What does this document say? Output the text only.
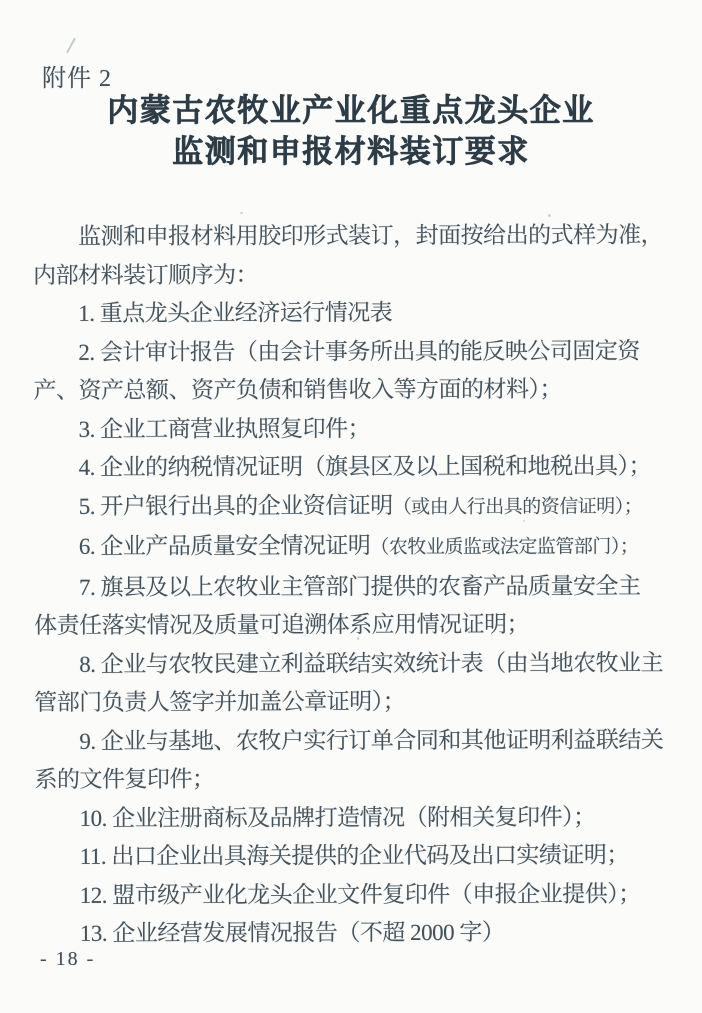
附件 2
内蒙古农牧业产业化重点龙头企业
监测和申报材料装订要求
监测和申报材料用胶印形式装订，封面按给出的式样为准，
内部材料装订顺序为：
1. 重点龙头企业经济运行情况表
2. 会计审计报告（由会计事务所出具的能反映公司固定资
产、资产总额、资产负债和销售收入等方面的材料）；
3. 企业工商营业执照复印件；
4. 企业的纳税情况证明（旗县区及以上国税和地税出具）；
5. 开户银行出具的企业资信证明（或由人行出具的资信证明）；
6. 企业产品质量安全情况证明（农牧业质监或法定监管部门）；
7. 旗县及以上农牧业主管部门提供的农畜产品质量安全主
体责任落实情况及质量可追溯体系应用情况证明；
8. 企业与农牧民建立利益联结实效统计表（由当地农牧业主
管部门负责人签字并加盖公章证明）；
9. 企业与基地、农牧户实行订单合同和其他证明利益联结关
系的文件复印件；
10. 企业注册商标及品牌打造情况（附相关复印件）；
11. 出口企业出具海关提供的企业代码及出口实绩证明；
12. 盟市级产业化龙头企业文件复印件（申报企业提供）；
13. 企业经营发展情况报告（不超 2000 字）
- 18 -
